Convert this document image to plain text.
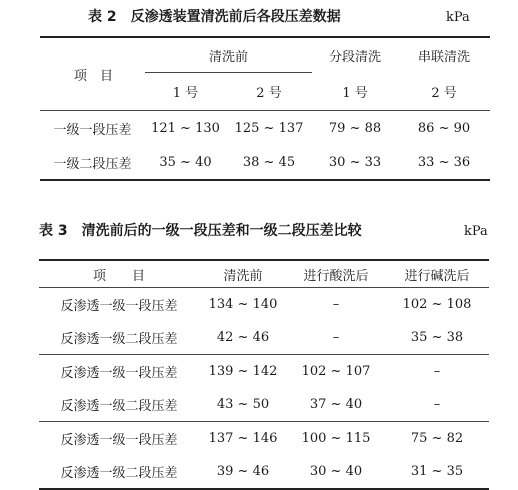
表 2　反渗透装置清洗前后各段压差数据	kPa
项　目	清洗前		分段清洗	串联清洗
	1 号	2 号	1 号	2 号
一级一段压差	121 ~ 130	125 ~ 137	79 ~ 88	86 ~ 90
一级二段压差	35 ~ 40	38 ~ 45	30 ~ 33	33 ~ 36
表 3　清洗前后的一级一段压差和一级二段压差比较	kPa
项　　目	清洗前	进行酸洗后	进行碱洗后
反渗透一级一段压差	134 ~ 140	–	102 ~ 108
反渗透一级二段压差	42 ~ 46	–	35 ~ 38
反渗透一级一段压差	139 ~ 142	102 ~ 107	–
反渗透一级二段压差	43 ~ 50	37 ~ 40	–
反渗透一级一段压差	137 ~ 146	100 ~ 115	75 ~ 82
反渗透一级二段压差	39 ~ 46	30 ~ 40	31 ~ 35
